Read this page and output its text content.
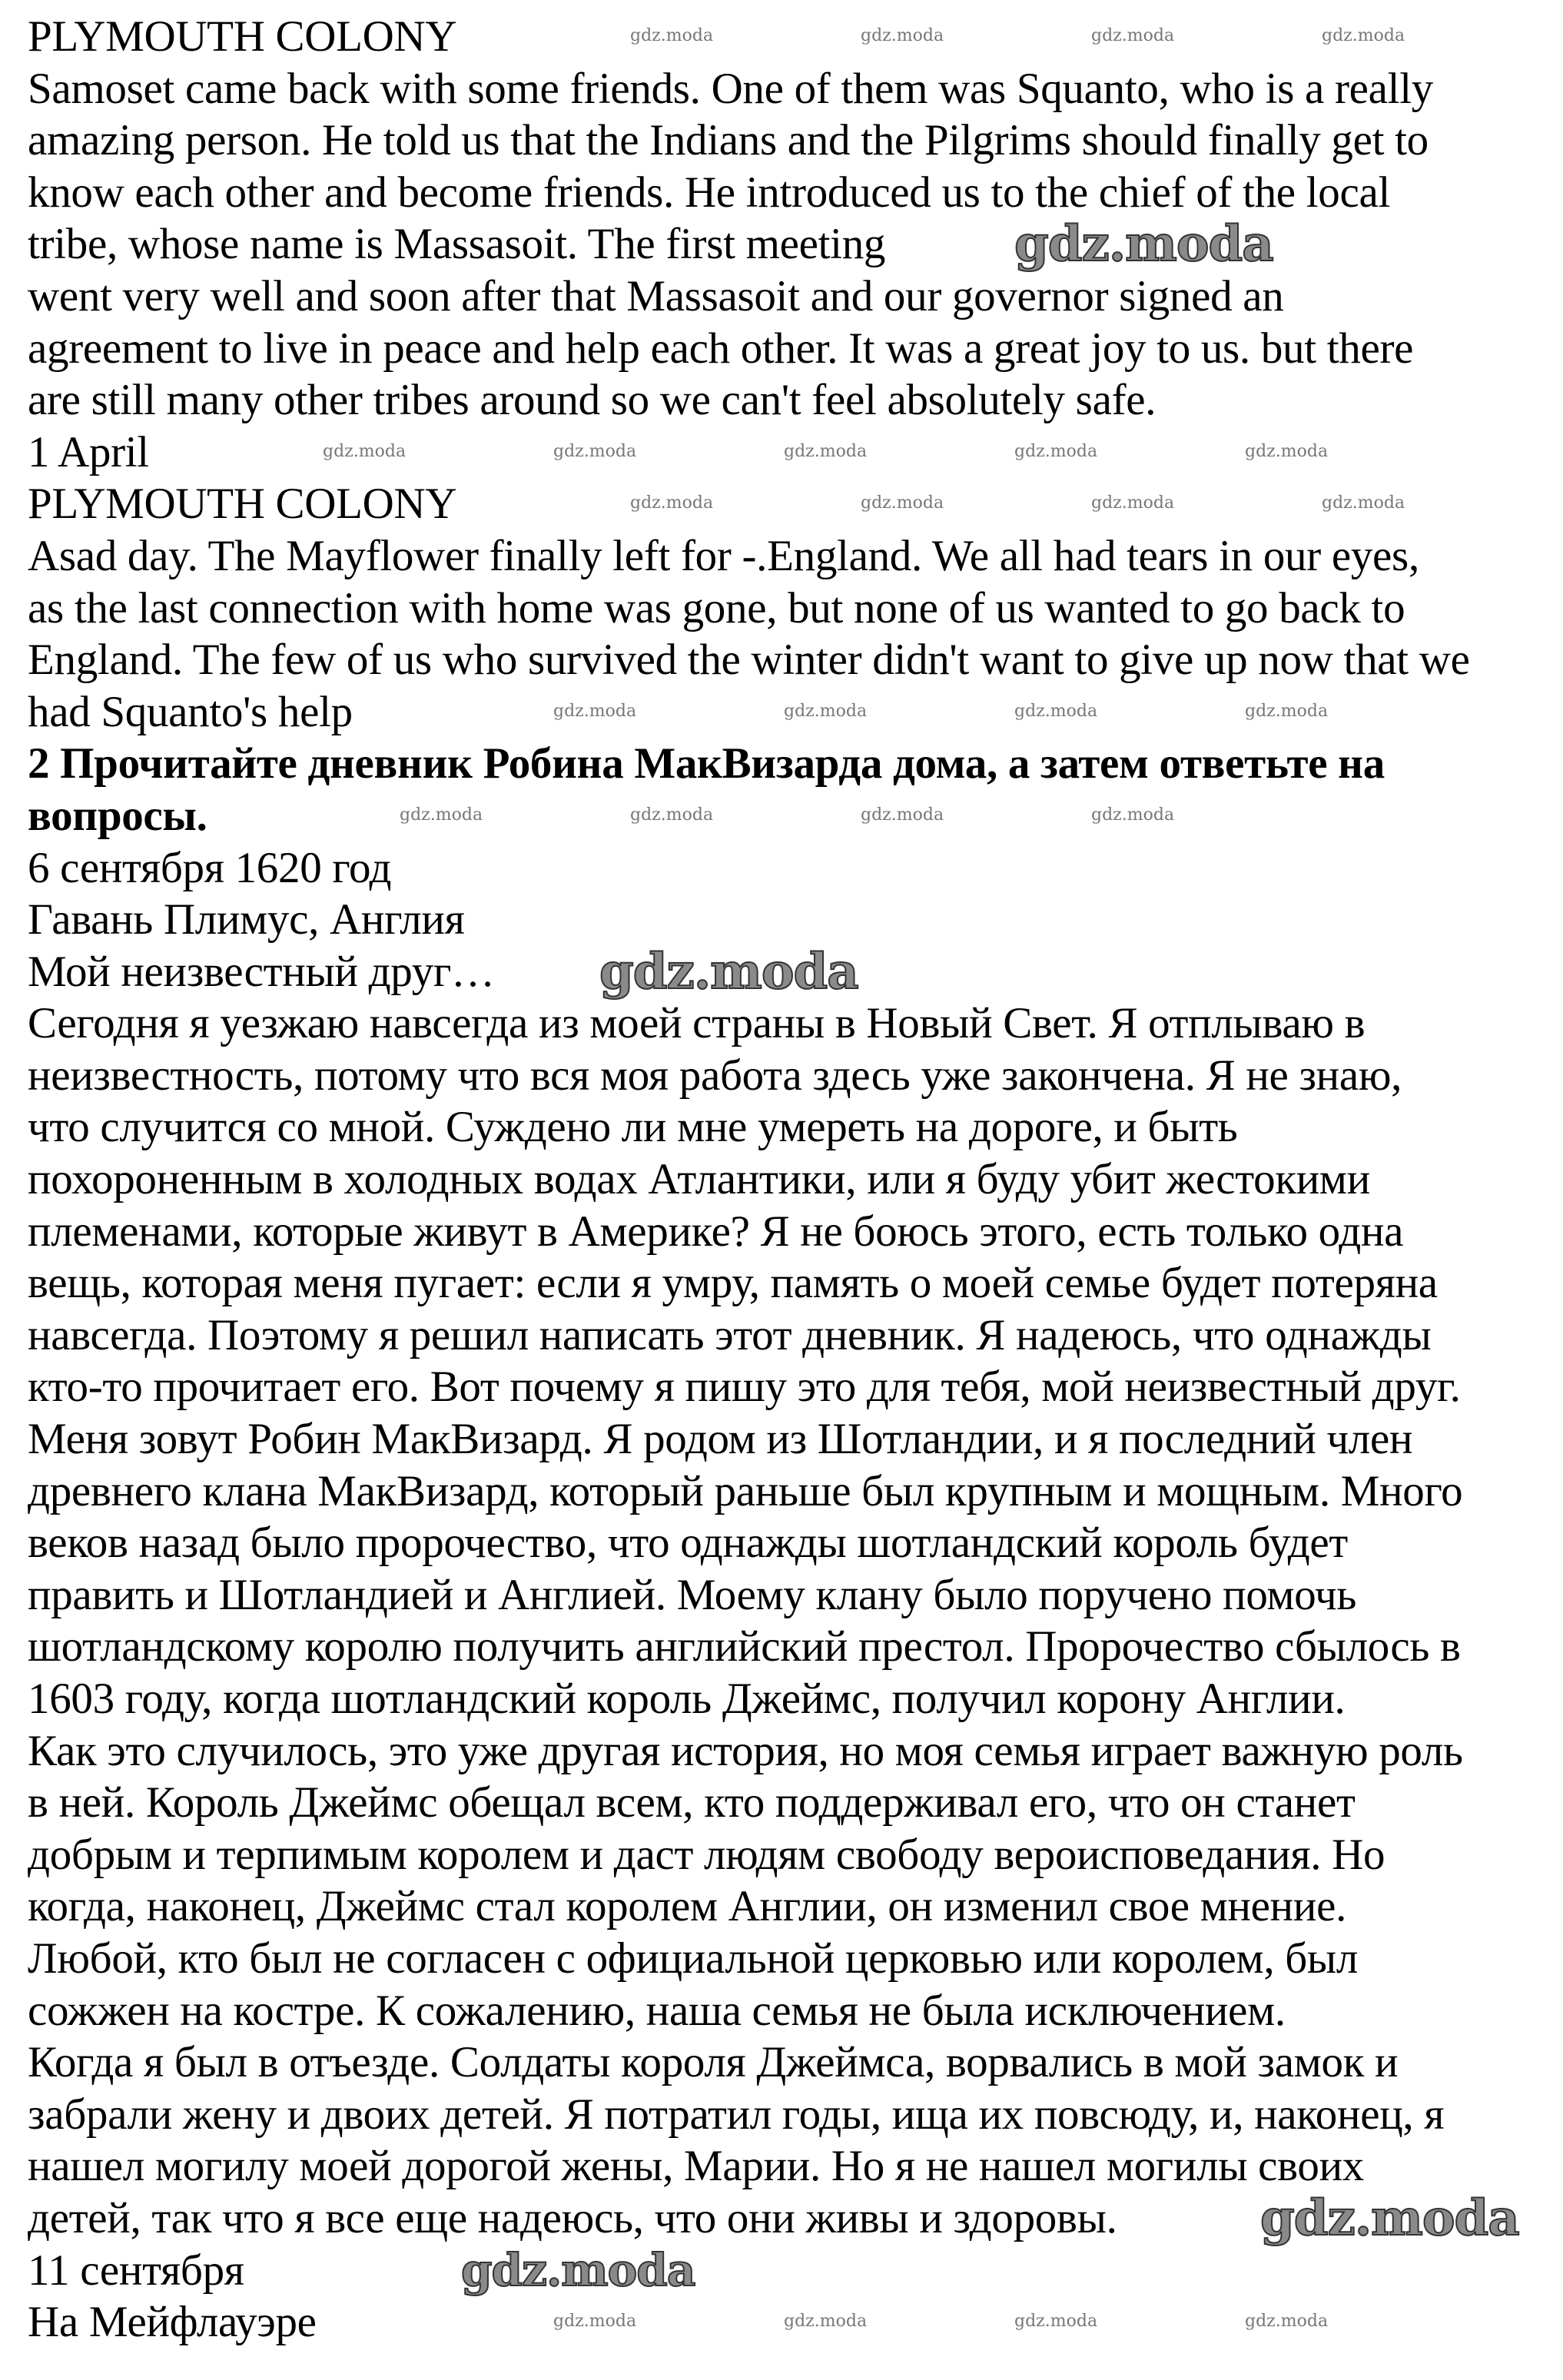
PLYMOUTH COLONY
Samoset came back with some friends. One of them was Squanto, who is a really
amazing person. He told us that the Indians and the Pilgrims should finally get to
know each other and become friends. He introduced us to the chief of the local
tribe, whose name is Massasoit. The first meeting
went very well and soon after that Massasoit and our governor signed an
agreement to live in peace and help each other. It was a great joy to us. but there
are still many other tribes around so we can't feel absolutely safe.
1 April
PLYMOUTH COLONY
Asad day. The Mayflower finally left for -.England. We all had tears in our eyes,
as the last connection with home was gone, but none of us wanted to go back to
England. The few of us who survived the winter didn't want to give up now that we
had Squanto's help
2 Прочитайте дневник Робина МакВизарда дома, а затем ответьте на
вопросы.
6 сентября 1620 год
Гавань Плимус, Англия
Мой неизвестный друг…
Сегодня я уезжаю навсегда из моей страны в Новый Свет. Я отплываю в
неизвестность, потому что вся моя работа здесь уже закончена. Я не знаю,
что случится со мной. Суждено ли мне умереть на дороге, и быть
похороненным в холодных водах Атлантики, или я буду убит жестокими
племенами, которые живут в Америке? Я не боюсь этого, есть только одна
вещь, которая меня пугает: если я умру, память о моей семье будет потеряна
навсегда. Поэтому я решил написать этот дневник. Я надеюсь, что однажды
кто-то прочитает его. Вот почему я пишу это для тебя, мой неизвестный друг.
Меня зовут Робин МакВизард. Я родом из Шотландии, и я последний член
древнего клана МакВизард, который раньше был крупным и мощным. Много
веков назад было пророчество, что однажды шотландский король будет
править и Шотландией и Англией. Моему клану было поручено помочь
шотландскому королю получить английский престол. Пророчество сбылось в
1603 году, когда шотландский король Джеймс, получил корону Англии.
Как это случилось, это уже другая история, но моя семья играет важную роль
в ней. Король Джеймс обещал всем, кто поддерживал его, что он станет
добрым и терпимым королем и даст людям свободу вероисповедания. Но
когда, наконец, Джеймс стал королем Англии, он изменил свое мнение.
Любой, кто был не согласен с официальной церковью или королем, был
сожжен на костре. К сожалению, наша семья не была исключением.
Когда я был в отъезде. Солдаты короля Джеймса, ворвались в мой замок и
забрали жену и двоих детей. Я потратил годы, ища их повсюду, и, наконец, я
нашел могилу моей дорогой жены, Марии. Но я не нашел могилы своих
детей, так что я все еще надеюсь, что они живы и здоровы.
11 сентября
На Мейфлауэре
gdz.moda
gdz.moda
gdz.moda
gdz.moda
gdz.moda	gdz.moda	gdz.moda	gdz.moda
gdz.moda	gdz.moda	gdz.moda	gdz.moda	gdz.moda
gdz.moda	gdz.moda	gdz.moda	gdz.moda
gdz.moda	gdz.moda	gdz.moda	gdz.moda
gdz.moda	gdz.moda	gdz.moda	gdz.moda
gdz.moda	gdz.moda	gdz.moda	gdz.moda
